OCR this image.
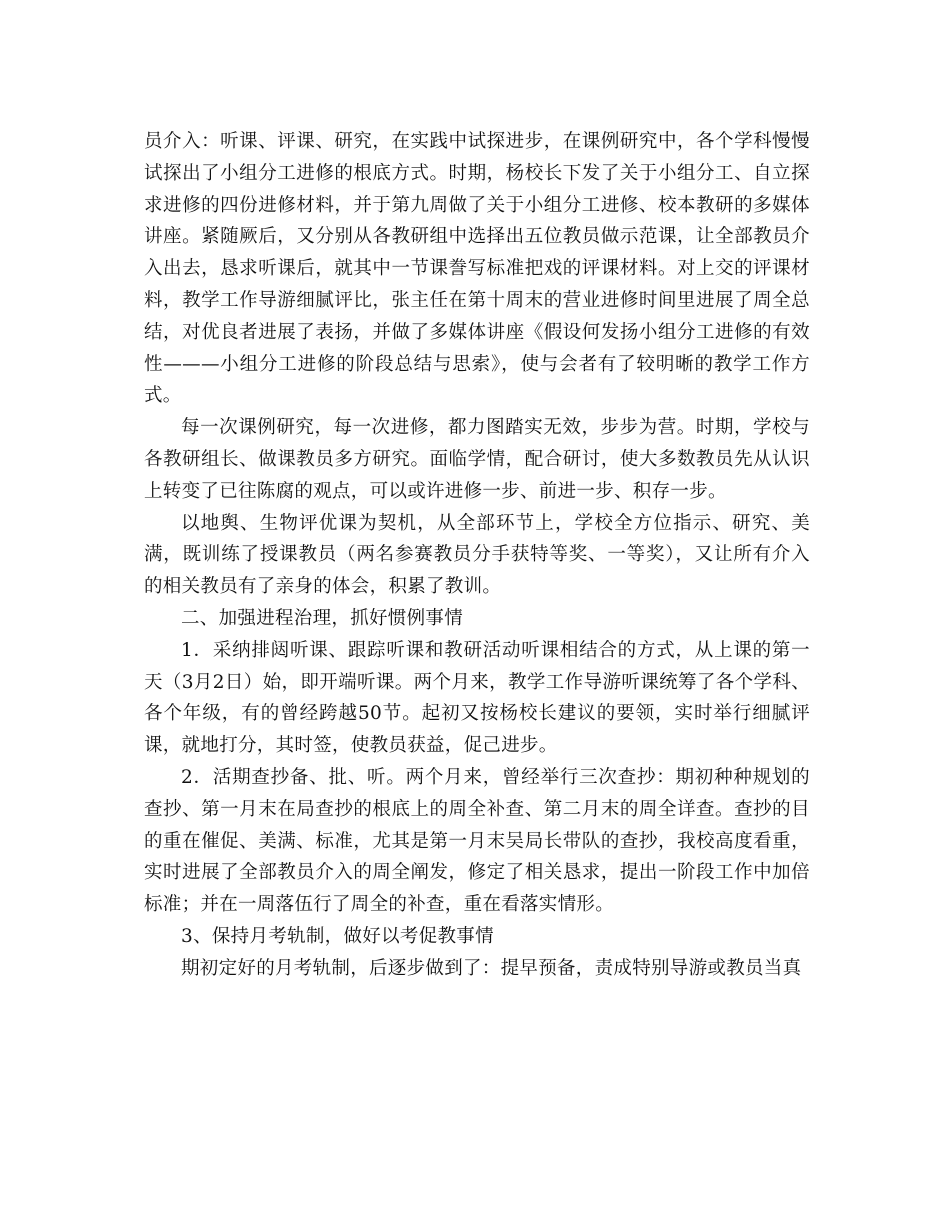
员介入：听课、评课、研究，在实践中试探进步，在课例研究中，各个学科慢慢试探出了小组分工进修的根底方式。时期，杨校长下发了关于小组分工、自立探求进修的四份进修材料，并于第九周做了关于小组分工进修、校本教研的多媒体讲座。紧随厥后，又分别从各教研组中选择出五位教员做示范课，让全部教员介入出去，恳求听课后，就其中一节课誊写标准把戏的评课材料。对上交的评课材料，教学工作导游细腻评比，张主任在第十周末的营业进修时间里进展了周全总结，对优良者进展了表扬，并做了多媒体讲座《假设何发扬小组分工进修的有效性———小组分工进修的阶段总结与思索》，使与会者有了较明晰的教学工作方式。

每一次课例研究，每一次进修，都力图踏实无效，步步为营。时期，学校与各教研组长、做课教员多方研究。面临学情，配合研讨，使大多数教员先从认识上转变了已往陈腐的观点，可以或许进修一步、前进一步、积存一步。

以地舆、生物评优课为契机，从全部环节上，学校全方位指示、研究、美满，既训练了授课教员（两名参赛教员分手获特等奖、一等奖），又让所有介入的相关教员有了亲身的体会，积累了教训。

二、加强进程治理，抓好惯例事情

1．采纳排闼听课、跟踪听课和教研活动听课相结合的方式，从上课的第一天（3月2日）始，即开端听课。两个月来，教学工作导游听课统筹了各个学科、各个年级，有的曾经跨越50节。起初又按杨校长建议的要领，实时举行细腻评课，就地打分，其时签，使教员获益，促己进步。

2．活期查抄备、批、听。两个月来，曾经举行三次查抄：期初种种规划的查抄、第一月末在局查抄的根底上的周全补查、第二月末的周全详查。查抄的目的重在催促、美满、标准，尤其是第一月末吴局长带队的查抄，我校高度看重，实时进展了全部教员介入的周全阐发，修定了相关恳求，提出一阶段工作中加倍标准；并在一周落伍行了周全的补查，重在看落实情形。

3、保持月考轨制，做好以考促教事情

期初定好的月考轨制，后逐步做到了：提早预备，责成特别导游或教员当真
